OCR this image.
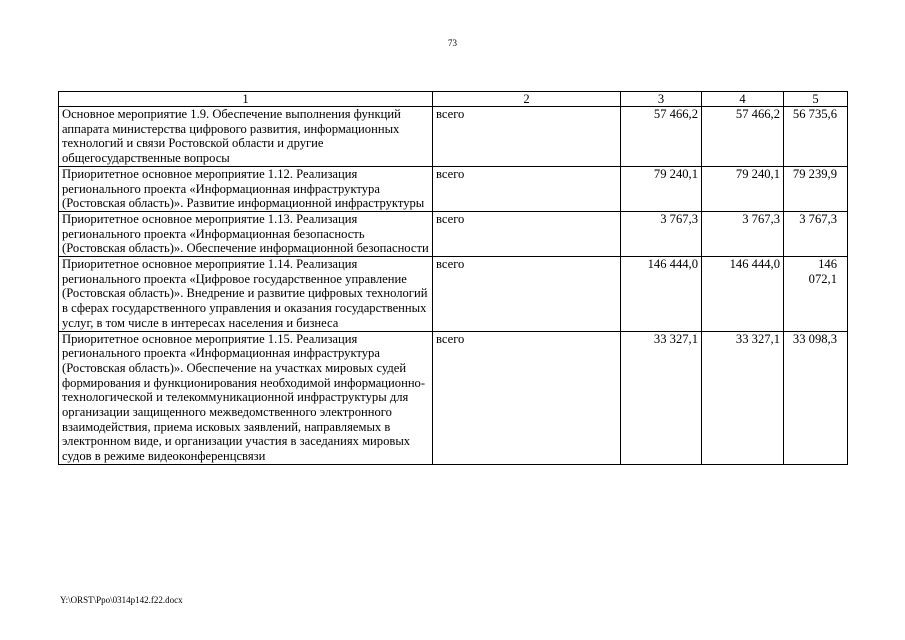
73
1	2	3	4	5
Основное мероприятие 1.9. Обеспечение выполнения функций аппарата министерства цифрового развития, информационных технологий и связи Ростовской области и другие общегосударственные вопросы	всего	57 466,2	57 466,2	56 735,6
Приоритетное основное мероприятие 1.12. Реализация регионального проекта «Информационная инфраструктура (Ростовская область)». Развитие информационной инфраструктуры	всего	79 240,1	79 240,1	79 239,9
Приоритетное основное мероприятие 1.13. Реализация регионального проекта «Информационная безопасность (Ростовская область)». Обеспечение информационной безопасности	всего	3 767,3	3 767,3	3 767,3
Приоритетное основное мероприятие 1.14. Реализация регионального проекта «Цифровое государственное управление (Ростовская область)». Внедрение и развитие цифровых технологий в сферах государственного управления и оказания государственных услуг, в том числе в интересах населения и бизнеса	всего	146 444,0	146 444,0	146 072,1
Приоритетное основное мероприятие 1.15. Реализация регионального проекта «Информационная инфраструктура (Ростовская область)». Обеспечение на участках мировых судей формирования и функционирования необходимой информационно-технологической и телекоммуникационной инфраструктуры для организации защищенного межведомственного электронного взаимодействия, приема исковых заявлений, направляемых в электронном виде, и организации участия в заседаниях мировых судов в режиме видеоконференцсвязи	всего	33 327,1	33 327,1	33 098,3
Y:\ORST\Ppo\0314p142.f22.docx
